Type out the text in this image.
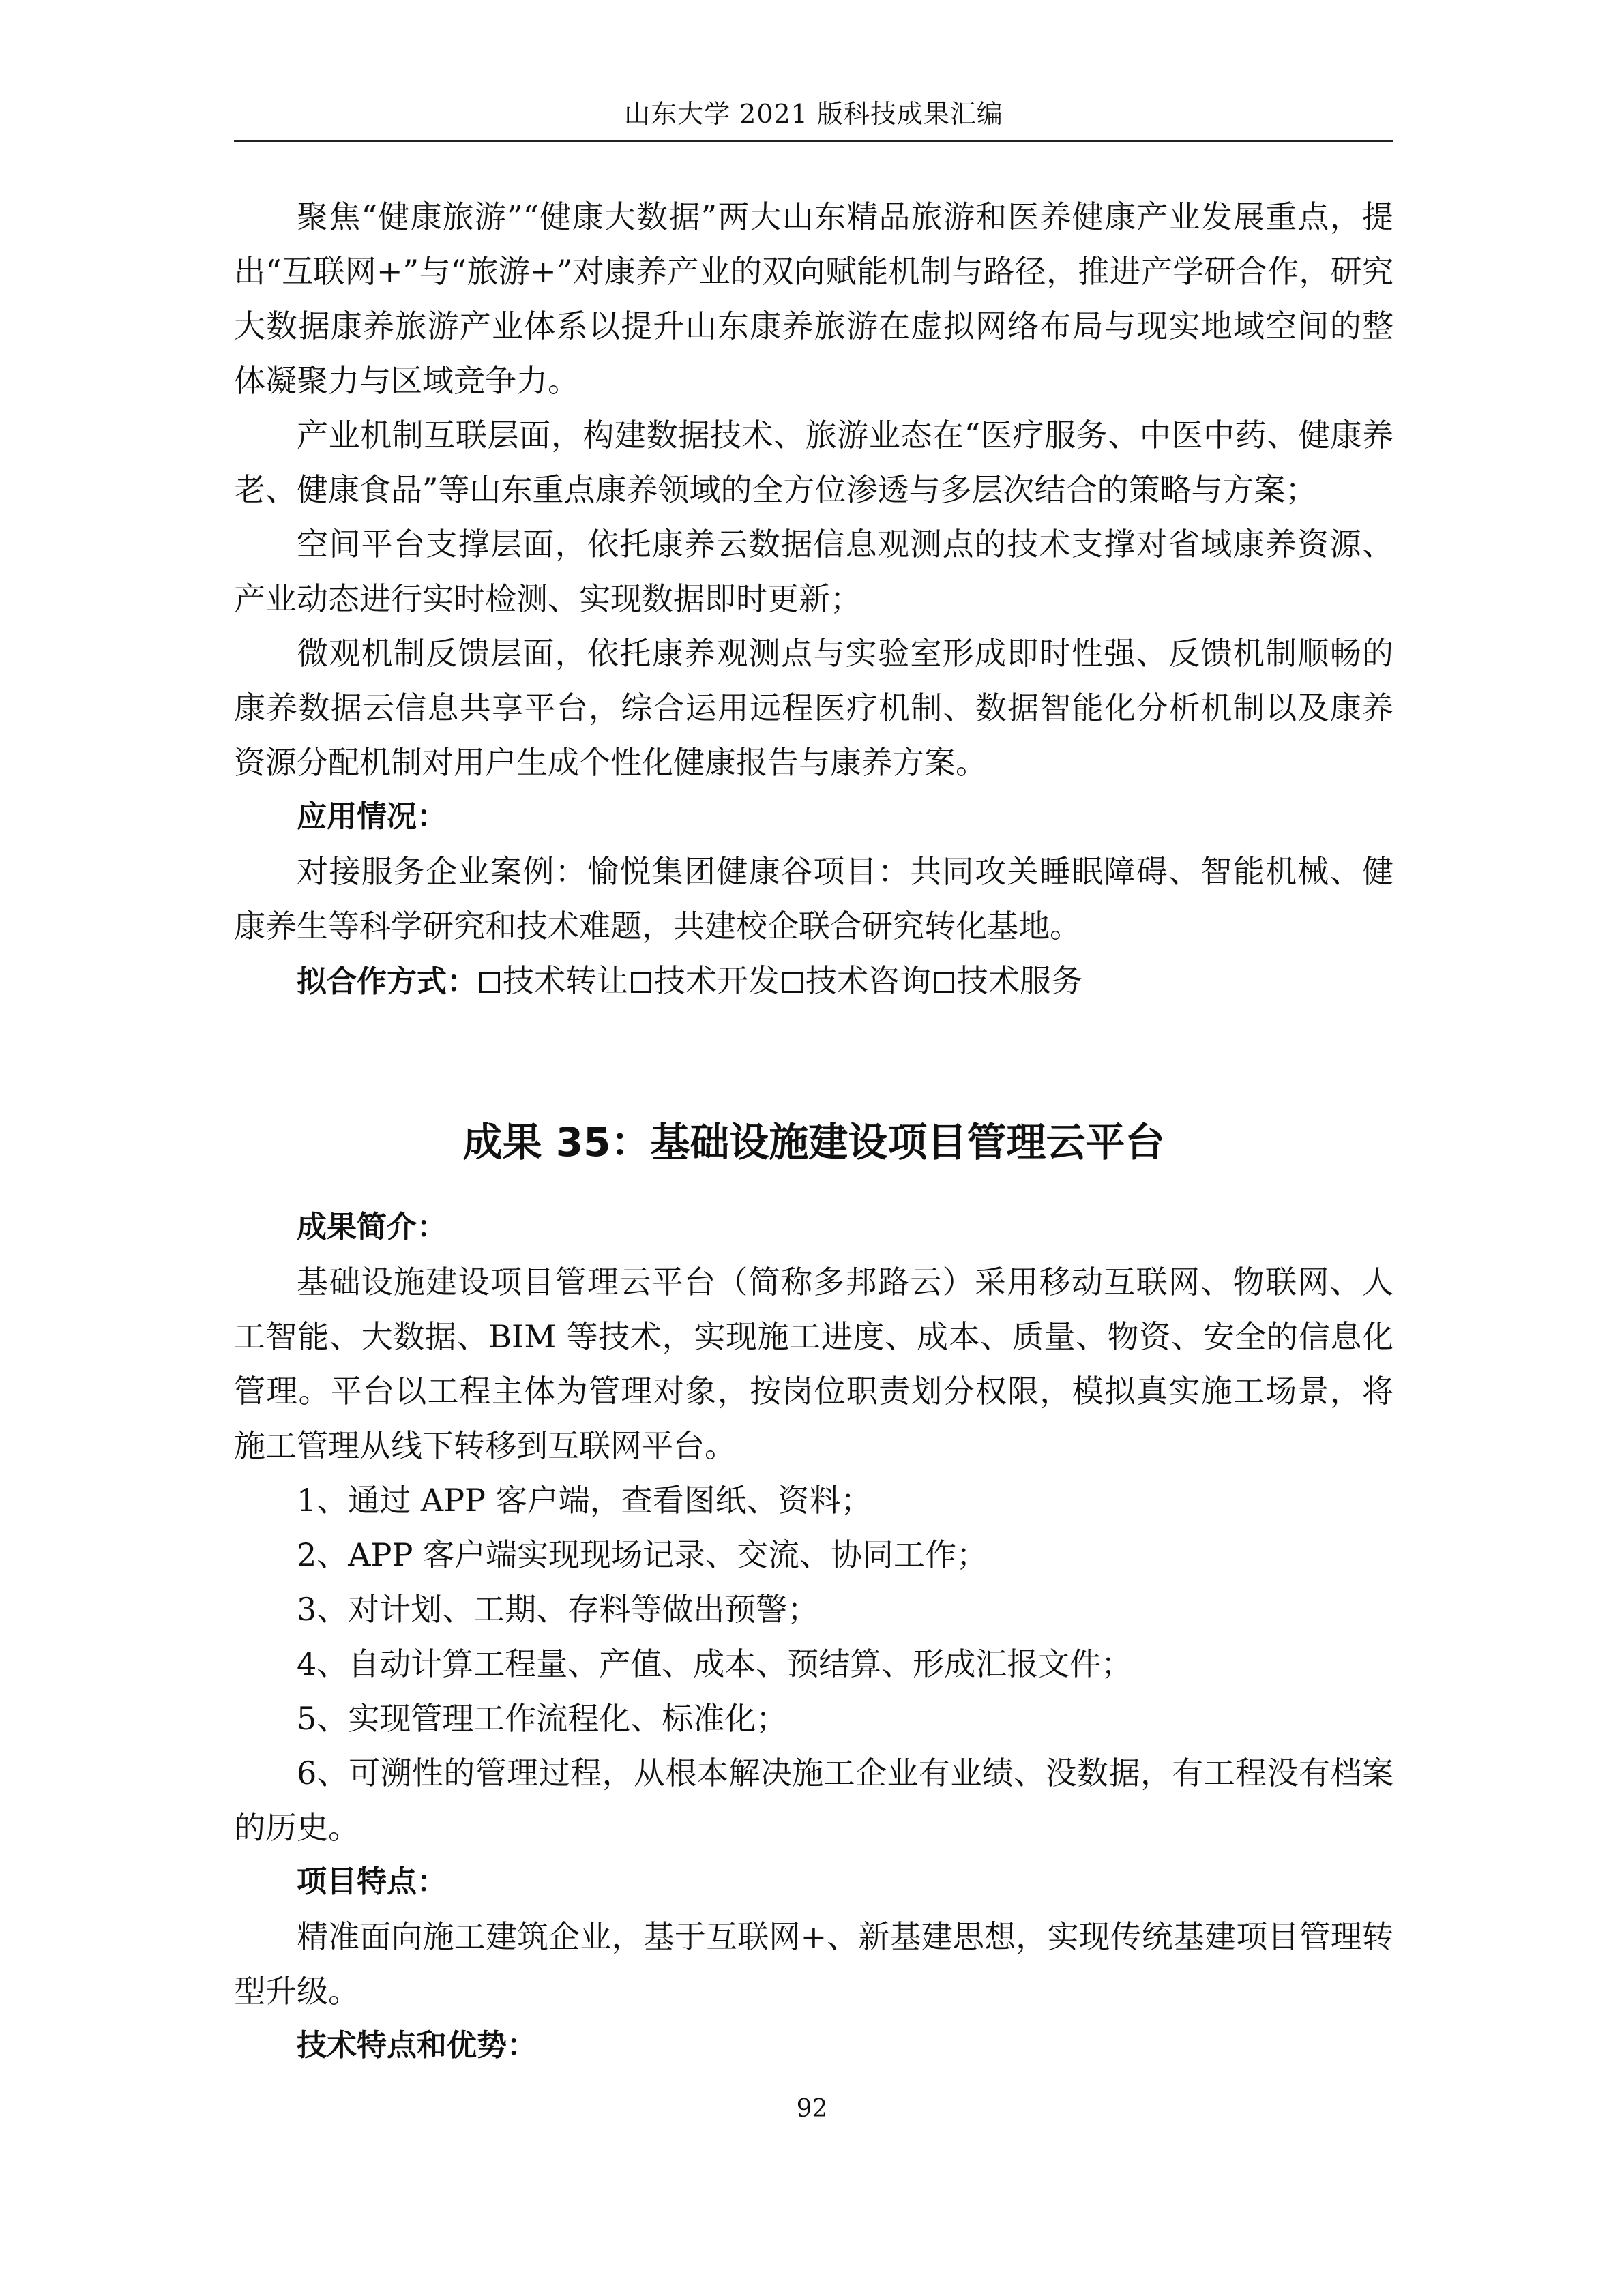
山东大学 2021 版科技成果汇编

聚焦“健康旅游”“健康大数据”两大山东精品旅游和医养健康产业发展重点，提出“互联网+”与“旅游+”对康养产业的双向赋能机制与路径，推进产学研合作，研究大数据康养旅游产业体系以提升山东康养旅游在虚拟网络布局与现实地域空间的整体凝聚力与区域竞争力。

产业机制互联层面，构建数据技术、旅游业态在“医疗服务、中医中药、健康养老、健康食品”等山东重点康养领域的全方位渗透与多层次结合的策略与方案；

空间平台支撑层面，依托康养云数据信息观测点的技术支撑对省域康养资源、产业动态进行实时检测、实现数据即时更新；

微观机制反馈层面，依托康养观测点与实验室形成即时性强、反馈机制顺畅的康养数据云信息共享平台，综合运用远程医疗机制、数据智能化分析机制以及康养资源分配机制对用户生成个性化健康报告与康养方案。

应用情况：

对接服务企业案例：愉悦集团健康谷项目：共同攻关睡眠障碍、智能机械、健康养生等科学研究和技术难题，共建校企联合研究转化基地。

拟合作方式： 技术转让 技术开发 技术咨询 技术服务

成果 35：基础设施建设项目管理云平台

成果简介：

基础设施建设项目管理云平台（简称多邦路云）采用移动互联网、物联网、人工智能、大数据、BIM 等技术，实现施工进度、成本、质量、物资、安全的信息化管理。平台以工程主体为管理对象，按岗位职责划分权限，模拟真实施工场景，将施工管理从线下转移到互联网平台。

1、通过 APP 客户端，查看图纸、资料；

2、APP 客户端实现现场记录、交流、协同工作；

3、对计划、工期、存料等做出预警；

4、自动计算工程量、产值、成本、预结算、形成汇报文件；

5、实现管理工作流程化、标准化；

6、可溯性的管理过程，从根本解决施工企业有业绩、没数据，有工程没有档案的历史。

项目特点：

精准面向施工建筑企业，基于互联网+、新基建思想，实现传统基建项目管理转型升级。

技术特点和优势：

92
